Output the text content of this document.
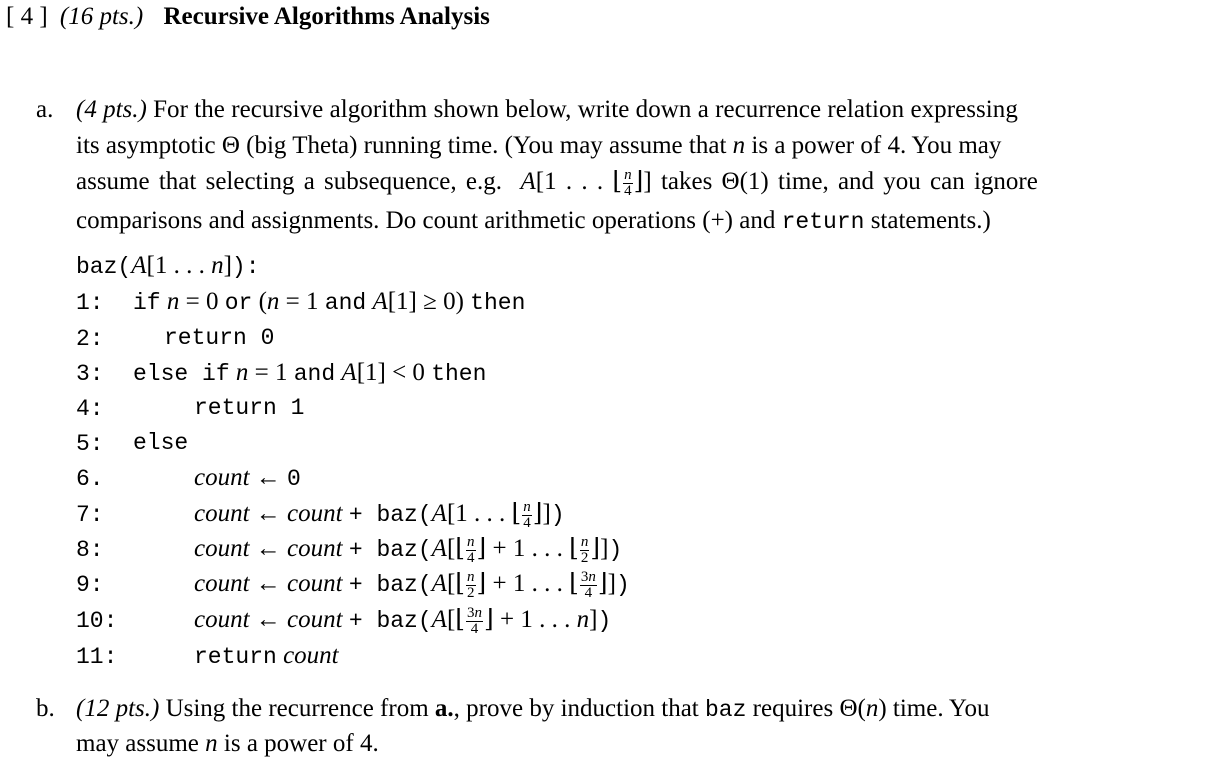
[ 4 ] (16 pts.) Recursive Algorithms Analysis
a. (4 pts.) For the recursive algorithm shown below, write down a recurrence relation expressing
its asymptotic Θ (big Theta) running time. (You may assume that n is a power of 4. You may
assume that selecting a subsequence, e.g.  A[1 . . . ⌊ $\frac{n}{4}$ ⌋] takes Θ(1) time, and you can ignore
comparisons and assignments. Do count arithmetic operations (+) and return statements.)
baz(A[1 . . . n]):
1: if n = 0 or (n = 1 and A[1] ≥ 0) then
2:	return 0
3: else if n = 1 and A[1] < 0 then
4:	return 1
5: else
6.	count ← 0
7:	count ← count + baz(A[1 . . . ⌊ $\frac{n}{4}$ ⌋])
8:	count ← count + baz(A[⌊ $\frac{n}{4}$ ⌋ + 1 . . . ⌊ $\frac{n}{2}$ ⌋])
9:	count ← count + baz(A[⌊ $\frac{n}{2}$ ⌋ + 1 . . . ⌊ $\frac{3n}{4}$ ⌋])
10:	count ← count + baz(A[⌊ $\frac{3n}{4}$ ⌋ + 1 . . . n])
11:	return count
b. (12 pts.) Using the recurrence from a., prove by induction that baz requires Θ(n) time. You
may assume n is a power of 4.
